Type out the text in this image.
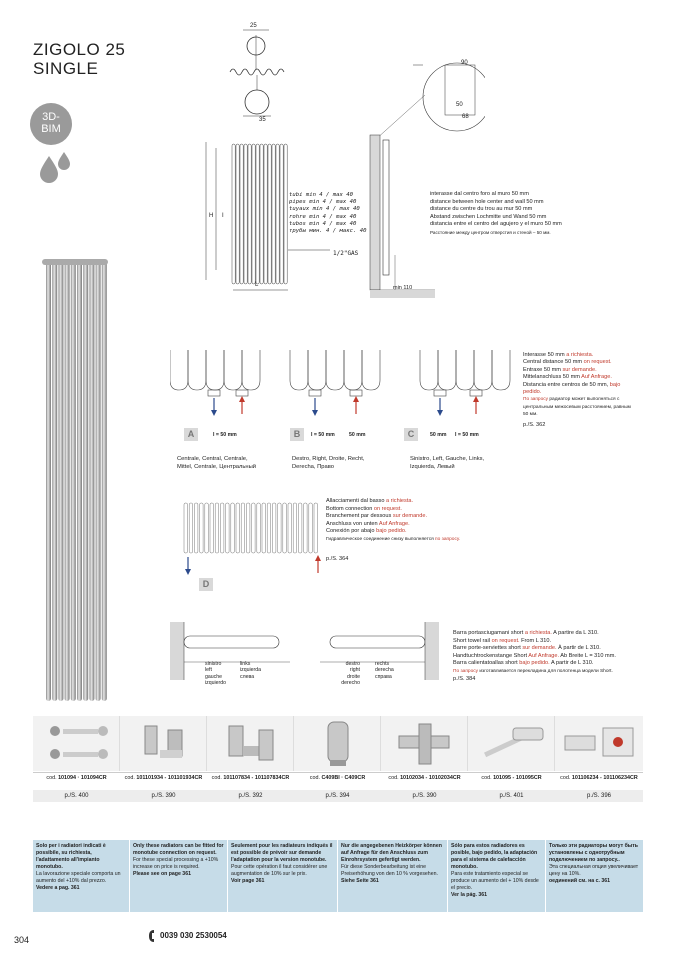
ZIGOLO 25
SINGLE
3D-
BIM
25
35
H I
L
tubi min 4 / max 40
pipes min 4 / max 40
tuyaux min 4 / max 40
rohre min 4 / max 40
tubos min 4 / max 40
трубы мин. 4 / макс. 40
1/2"GAS
90
50
68
min 110
interasse dal centro foro al muro 50 mm
distance between hole center and wall 50 mm
distance du centre du trou au mur 50 mm
Abstand zwischen Lochmitte und Wand 50 mm
distancia entre el centro del agujero y el muro 50 mm
Расстояние между центром отверстия и стеной – 50 мм.
A	I = 50 mm	B	I = 50 mm	50 mm	C	50 mm I = 50 mm
Centrale, Central, Centrale,
Mittel, Centrale, Центральный
Destro, Right, Droite, Recht,
Derecha, Право
Sinistro, Left, Gauche, Links,
Izquierda, Левый
Interasse 50 mm a richiesta.
Central distance 50 mm on request.
Entraxe 50 mm sur demande.
Mittelanschluss 50 mm Auf Anfrage.
Distancia entre centros de 50 mm, bajo pedido.
По запросу радиатор может выполняться с
центральным межосевым расстоянием, равным
50 мм.
p./S. 362
D
Allacciamenti dal basso a richiesta.
Bottom connection on request.
Branchement par dessous sur demande.
Anschluss von unten Auf Anfrage.
Conexión por abajo bajo pedido.
Гидравлическое соединение снизу выполняется по запросу.
p./S. 364
sinistro
left
gauche
izquierdo
links
izquierda
слева
destro
right
droite
derecho
rechts
derecha
справа
Barra portasciugamani short a richiesta. A partire da L 310.
Short towel rail on request. From L 310.
Barre porte-serviettes short sur demande. À partir de L 310.
Handtuchtrockenstange Short Auf Anfrage. Ab Breite L = 310 mm.
Barra calientatoallas short bajo pedido. A partir de L 310.
По запросу изготавливается перекладина для полотенца модели Short.
p./S. 384
cod. 101094 · 101094CR
p./S. 400
cod. 101101934 - 101101934CR
p./S. 390
cod. 101107834 - 101107834CR
p./S. 392
cod. C409BI · C409CR
p./S. 394
cod. 10102034 - 10102034CR
p./S. 390
cod. 101095 - 101095CR
p./S. 401
cod. 101106234 - 101106234CR
p./S. 396
Solo per i radiatori indicati è possibile, su richiesta, l'adattamento all'impianto monotubo.
La lavorazione speciale comporta un aumento del +10% dal prezzo.
Vedere a pag. 361
Only these radiators can be fitted for monotube connection on request.
For these special processing a +10% increase on price is required.
Please see on page 361
Seulement pour les radiateurs indiqués il est possible de prévoir sur demande l'adaptation pour la version monotube.
Pour cette opération il faut considérer une augmentation de 10% sur le prix.
Voir page 361
Nur die angegebenen Heizkörper können auf Anfrage für den Anschluss zum Einrohrsystem gefertigt werden.
Für diese Sonderbearbeitung ist eine Preiserhöhung von den 10 % vorgesehen.
Siehe Seite 361
Sólo para estos radiadores es posible, bajo pedido, la adaptación para el sistema de calefacción monotubo.
Para este tratamiento especial se produce un aumento del + 10% desde el precio.
Ver la pág. 361
Только эти радиаторы могут быть установлены с однотрубным подключением по запросу..
Эта специальная опция увеличивает цену на 10%.
оединений см. на с. 361
304	0039 030 2530054
